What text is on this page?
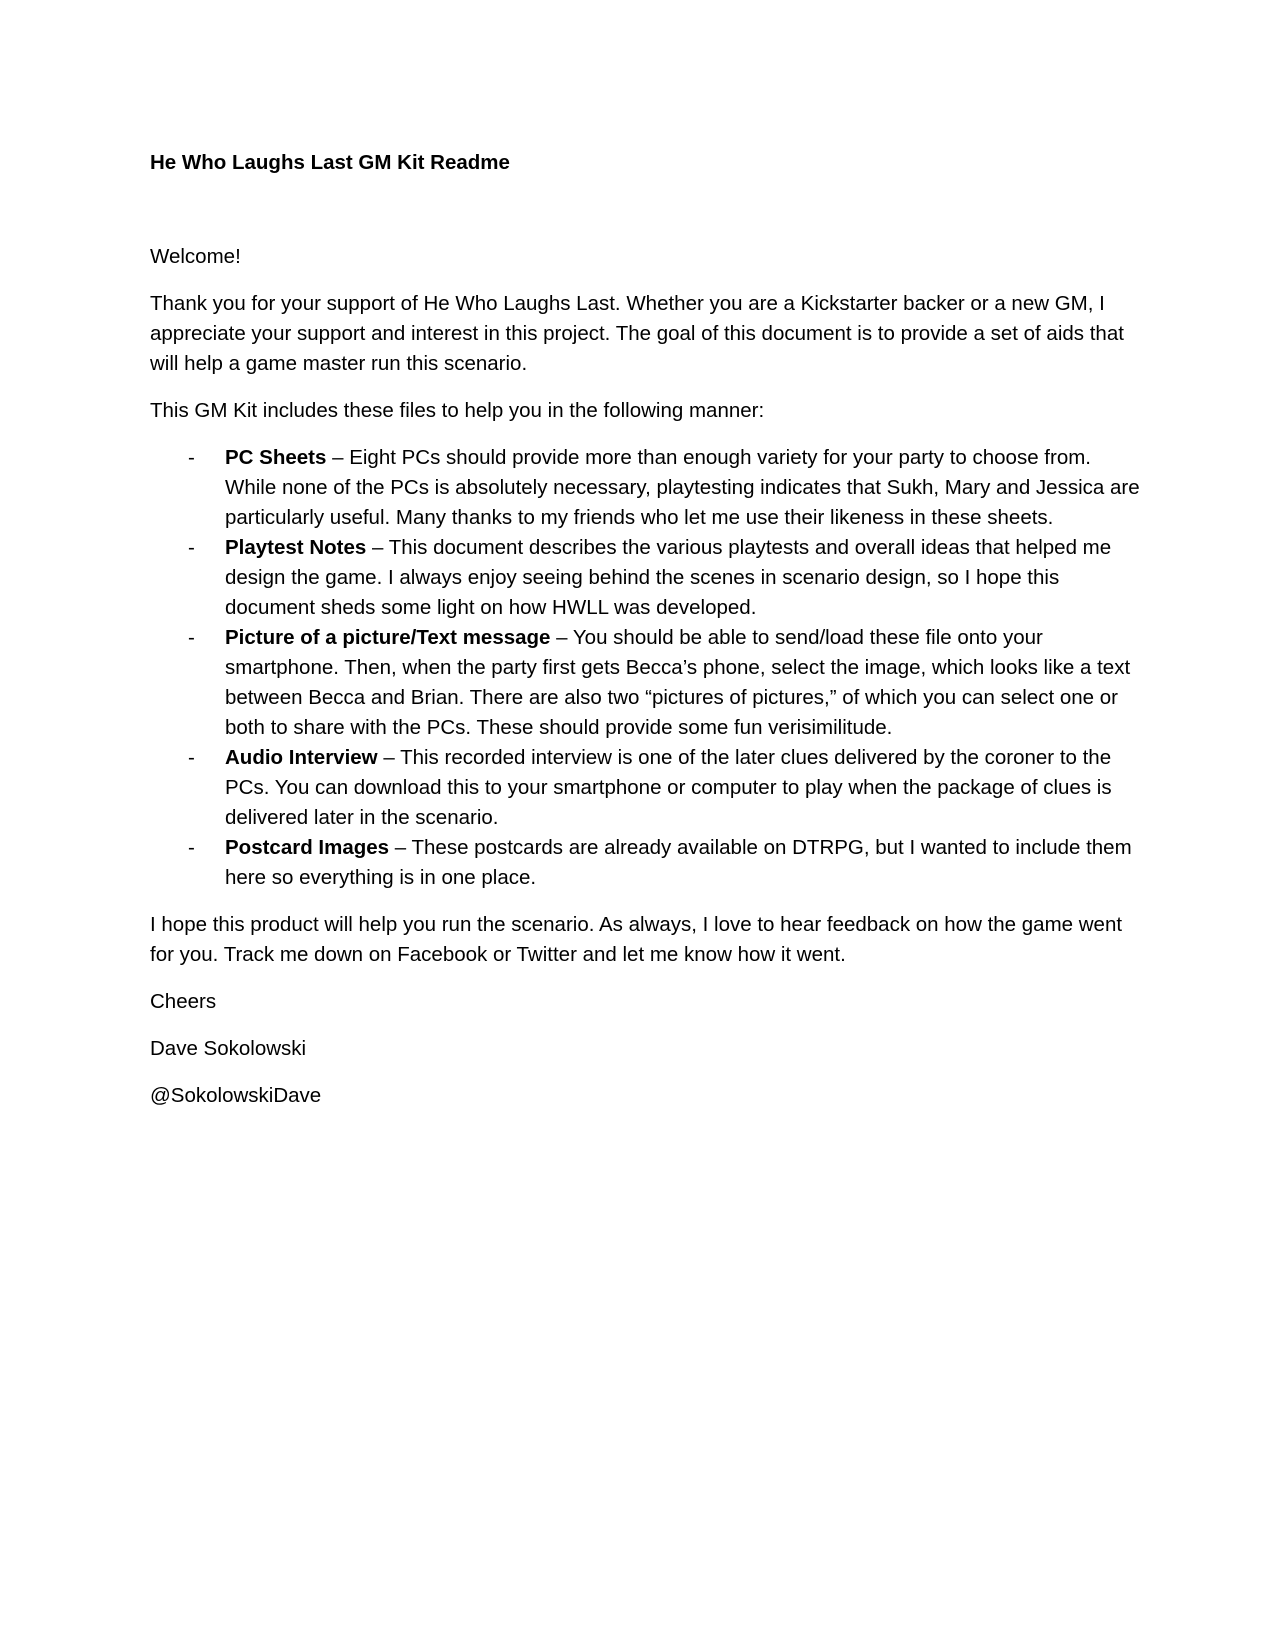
He Who Laughs Last GM Kit Readme

Welcome!

Thank you for your support of He Who Laughs Last. Whether you are a Kickstarter backer or a new GM, I appreciate your support and interest in this project. The goal of this document is to provide a set of aids that will help a game master run this scenario.

This GM Kit includes these files to help you in the following manner:

- PC Sheets – Eight PCs should provide more than enough variety for your party to choose from. While none of the PCs is absolutely necessary, playtesting indicates that Sukh, Mary and Jessica are particularly useful. Many thanks to my friends who let me use their likeness in these sheets.
- Playtest Notes – This document describes the various playtests and overall ideas that helped me design the game. I always enjoy seeing behind the scenes in scenario design, so I hope this document sheds some light on how HWLL was developed.
- Picture of a picture/Text message – You should be able to send/load these file onto your smartphone. Then, when the party first gets Becca’s phone, select the image, which looks like a text between Becca and Brian. There are also two “pictures of pictures,” of which you can select one or both to share with the PCs. These should provide some fun verisimilitude.
- Audio Interview – This recorded interview is one of the later clues delivered by the coroner to the PCs. You can download this to your smartphone or computer to play when the package of clues is delivered later in the scenario.
- Postcard Images – These postcards are already available on DTRPG, but I wanted to include them here so everything is in one place.

I hope this product will help you run the scenario. As always, I love to hear feedback on how the game went for you. Track me down on Facebook or Twitter and let me know how it went.

Cheers

Dave Sokolowski

@SokolowskiDave
